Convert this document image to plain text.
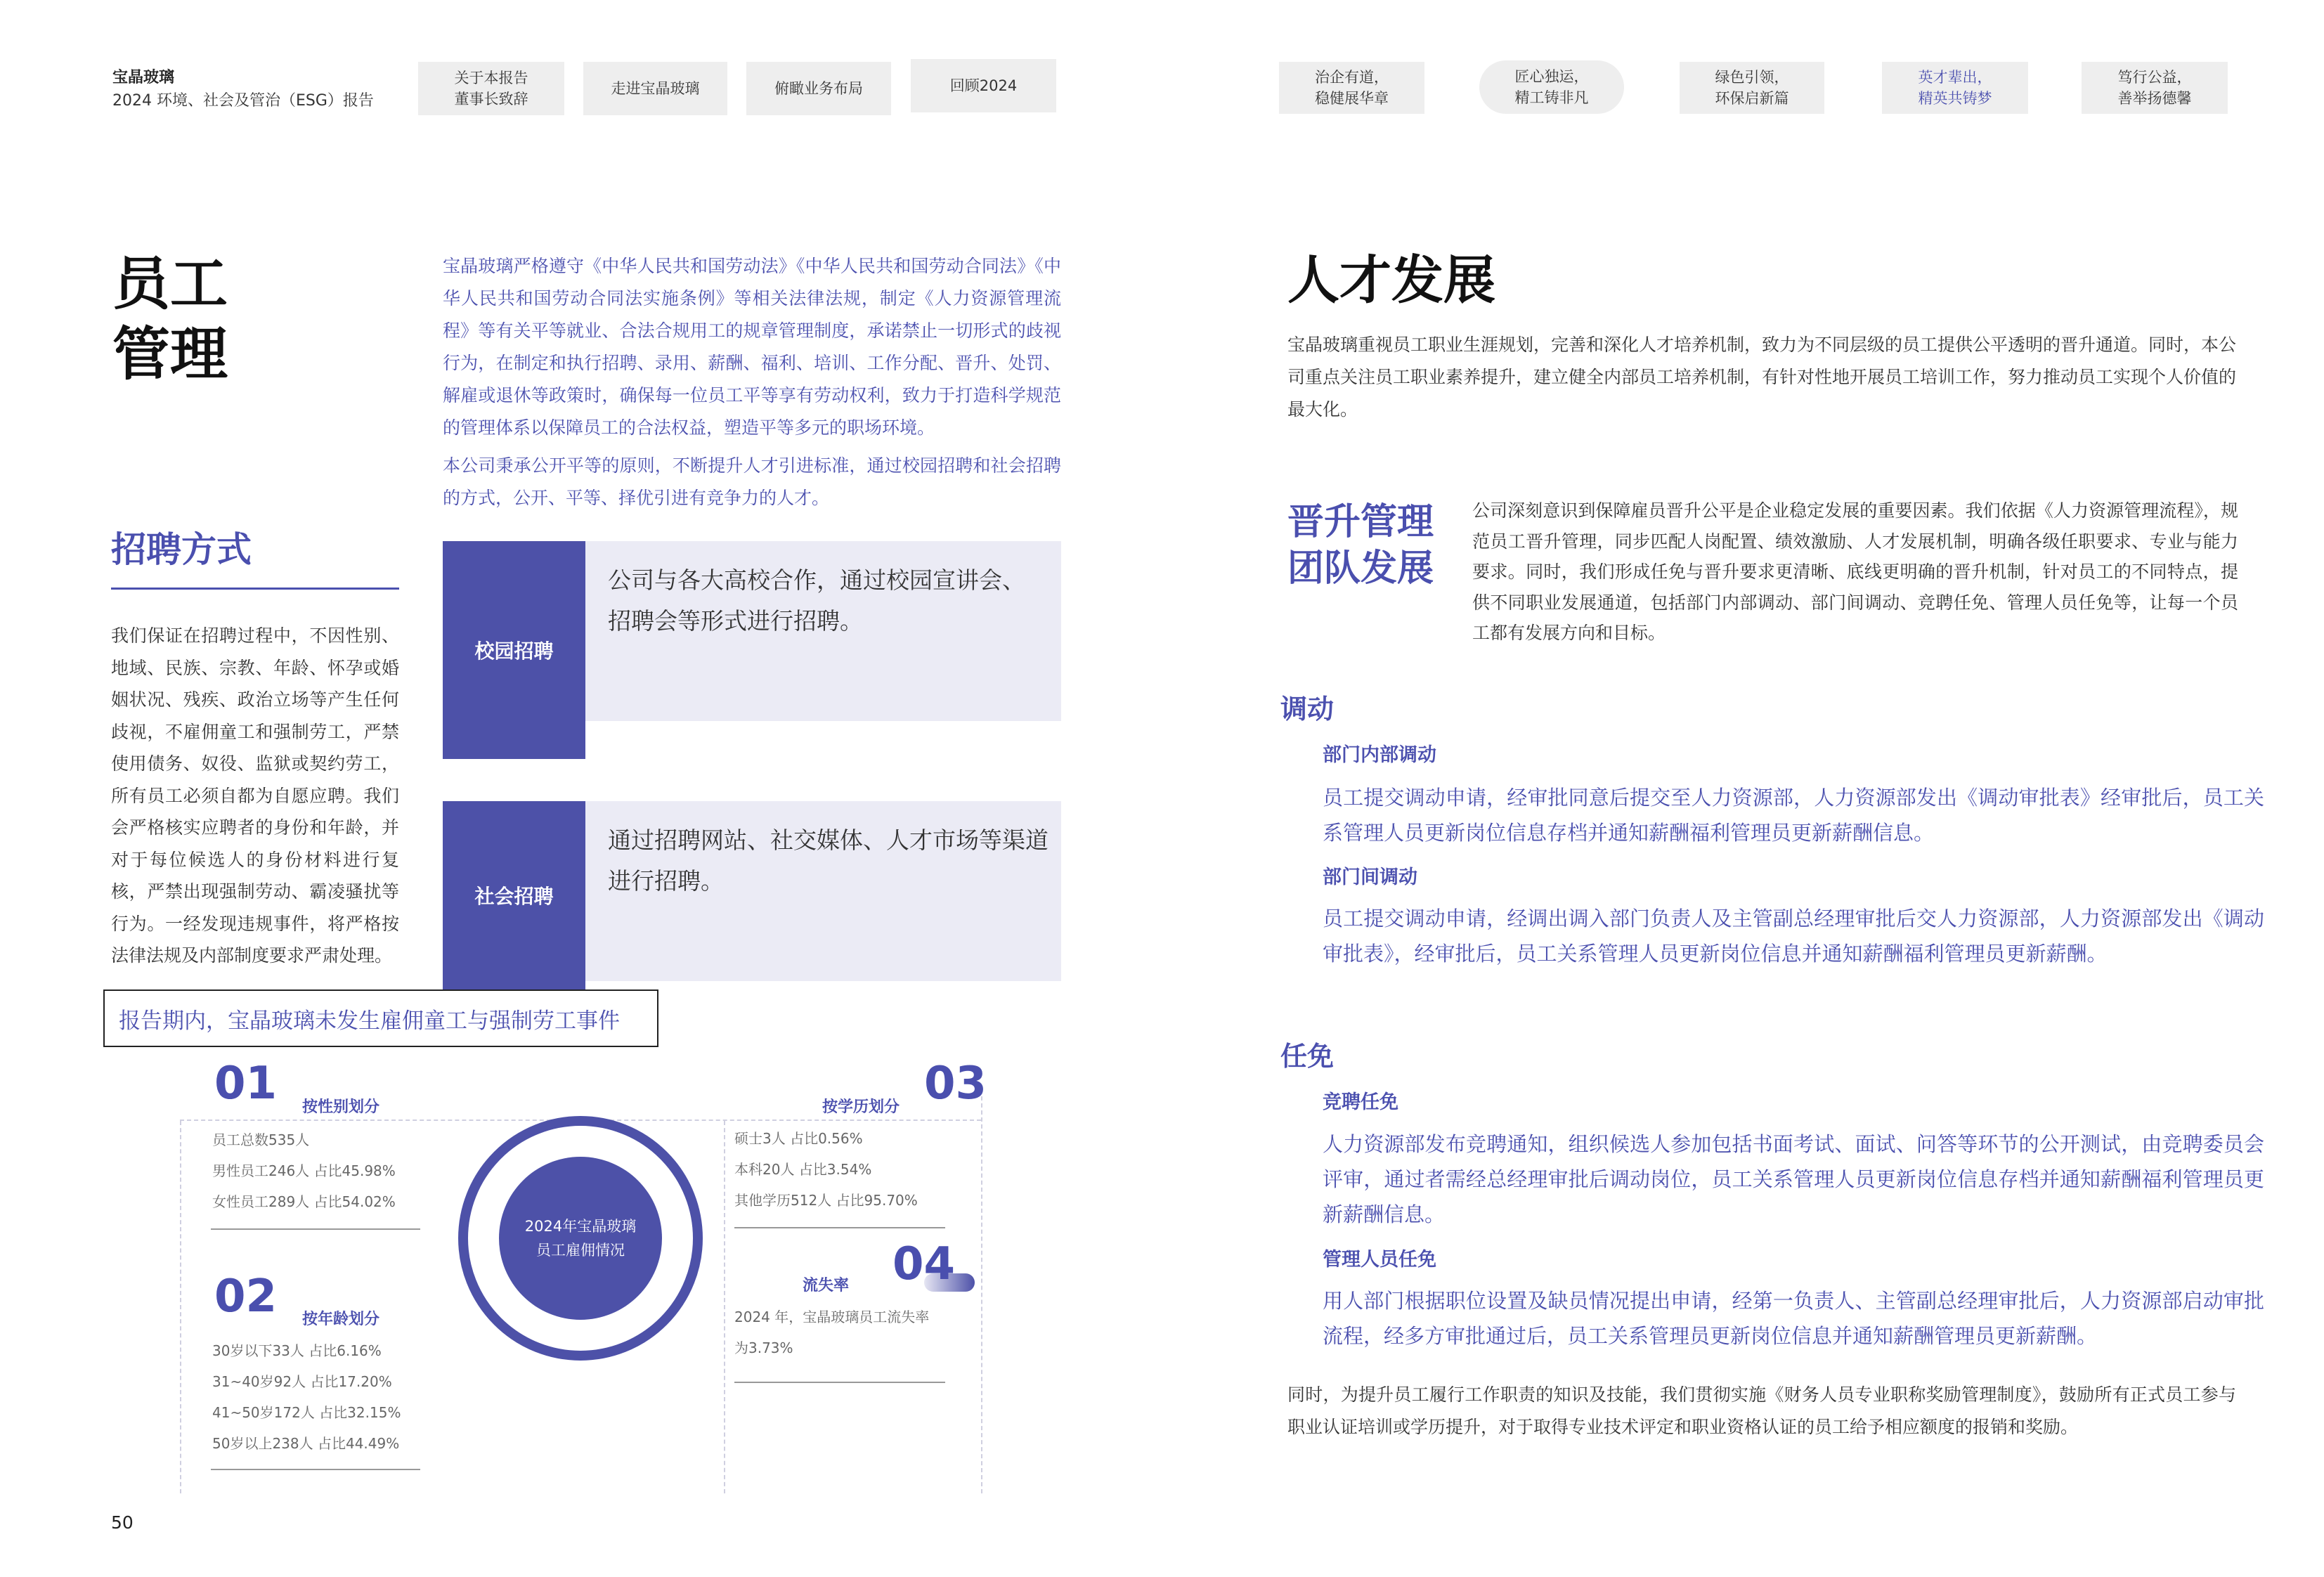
宝晶玻璃
2024 环境、社会及管治（ESG）报告
关于本报告
董事长致辞
走进宝晶玻璃	俯瞰业务布局	回顾2024	治企有道，
稳健展华章
匠心独运，
精工铸非凡
绿色引领，
环保启新篇
英才辈出，
精英共铸梦
笃行公益，
善举扬德馨
员工
管理
宝晶玻璃严格遵守《中华人民共和国劳动法》《中华人民共和国劳动合同法》《中华人民共和国劳动合同法实施条例》等相关法律法规，制定《人力资源管理流程》等有关平等就业、合法合规用工的规章管理制度，承诺禁止一切形式的歧视行为，在制定和执行招聘、录用、薪酬、福利、培训、工作分配、晋升、处罚、解雇或退休等政策时，确保每一位员工平等享有劳动权利，致力于打造科学规范的管理体系以保障员工的合法权益，塑造平等多元的职场环境。
本公司秉承公开平等的原则，不断提升人才引进标准，通过校园招聘和社会招聘的方式，公开、平等、择优引进有竞争力的人才。
招聘方式
我们保证在招聘过程中，不因性别、地域、民族、宗教、年龄、怀孕或婚姻状况、残疾、政治立场等产生任何歧视，不雇佣童工和强制劳工，严禁使用债务、奴役、监狱或契约劳工，所有员工必须自都为自愿应聘。我们会严格核实应聘者的身份和年龄，并对于每位候选人的身份材料进行复核，严禁出现强制劳动、霸凌骚扰等行为。一经发现违规事件，将严格按法律法规及内部制度要求严肃处理。
校园招聘
公司与各大高校合作，通过校园宣讲会、招聘会等形式进行招聘。
社会招聘
通过招聘网站、社交媒体、人才市场等渠道进行招聘。
报告期内，宝晶玻璃未发生雇佣童工与强制劳工事件
2024年宝晶玻璃
员工雇佣情况
01 按性别划分
员工总数535人
男性员工246人 占比45.98%
女性员工289人 占比54.02%
02 按年龄划分
30岁以下33人 占比6.16%
31~40岁92人 占比17.20%
41~50岁172人 占比32.15%
50岁以上238人 占比44.49%
03
按学历划分
硕士3人 占比0.56%
本科20人 占比3.54%
其他学历512人 占比95.70%
04
流失率
2024 年，宝晶玻璃员工流失率
为3.73%
50
人才发展
宝晶玻璃重视员工职业生涯规划，完善和深化人才培养机制，致力为不同层级的员工提供公平透明的晋升通道。同时，本公司重点关注员工职业素养提升，建立健全内部员工培养机制，有针对性地开展员工培训工作，努力推动员工实现个人价值的最大化。
晋升管理
团队发展
公司深刻意识到保障雇员晋升公平是企业稳定发展的重要因素。我们依据《人力资源管理流程》，规范员工晋升管理，同步匹配人岗配置、绩效激励、人才发展机制，明确各级任职要求、专业与能力要求。同时，我们形成任免与晋升要求更清晰、底线更明确的晋升机制，针对员工的不同特点，提供不同职业发展通道，包括部门内部调动、部门间调动、竞聘任免、管理人员任免等，让每一个员工都有发展方向和目标。
调动
部门内部调动
员工提交调动申请，经审批同意后提交至人力资源部，人力资源部发出《调动审批表》经审批后，员工关系管理人员更新岗位信息存档并通知薪酬福利管理员更新薪酬信息。
部门间调动
员工提交调动申请，经调出调入部门负责人及主管副总经理审批后交人力资源部，人力资源部发出《调动审批表》，经审批后，员工关系管理人员更新岗位信息并通知薪酬福利管理员更新薪酬。
任免
竞聘任免
人力资源部发布竞聘通知，组织候选人参加包括书面考试、面试、问答等环节的公开测试，由竞聘委员会评审，通过者需经总经理审批后调动岗位，员工关系管理人员更新岗位信息存档并通知薪酬福利管理员更新薪酬信息。
管理人员任免
用人部门根据职位设置及缺员情况提出申请，经第一负责人、主管副总经理审批后，人力资源部启动审批流程，经多方审批通过后，员工关系管理员更新岗位信息并通知薪酬管理员更新薪酬。
同时，为提升员工履行工作职责的知识及技能，我们贯彻实施《财务人员专业职称奖励管理制度》，鼓励所有正式员工参与职业认证培训或学历提升，对于取得专业技术评定和职业资格认证的员工给予相应额度的报销和奖励。
